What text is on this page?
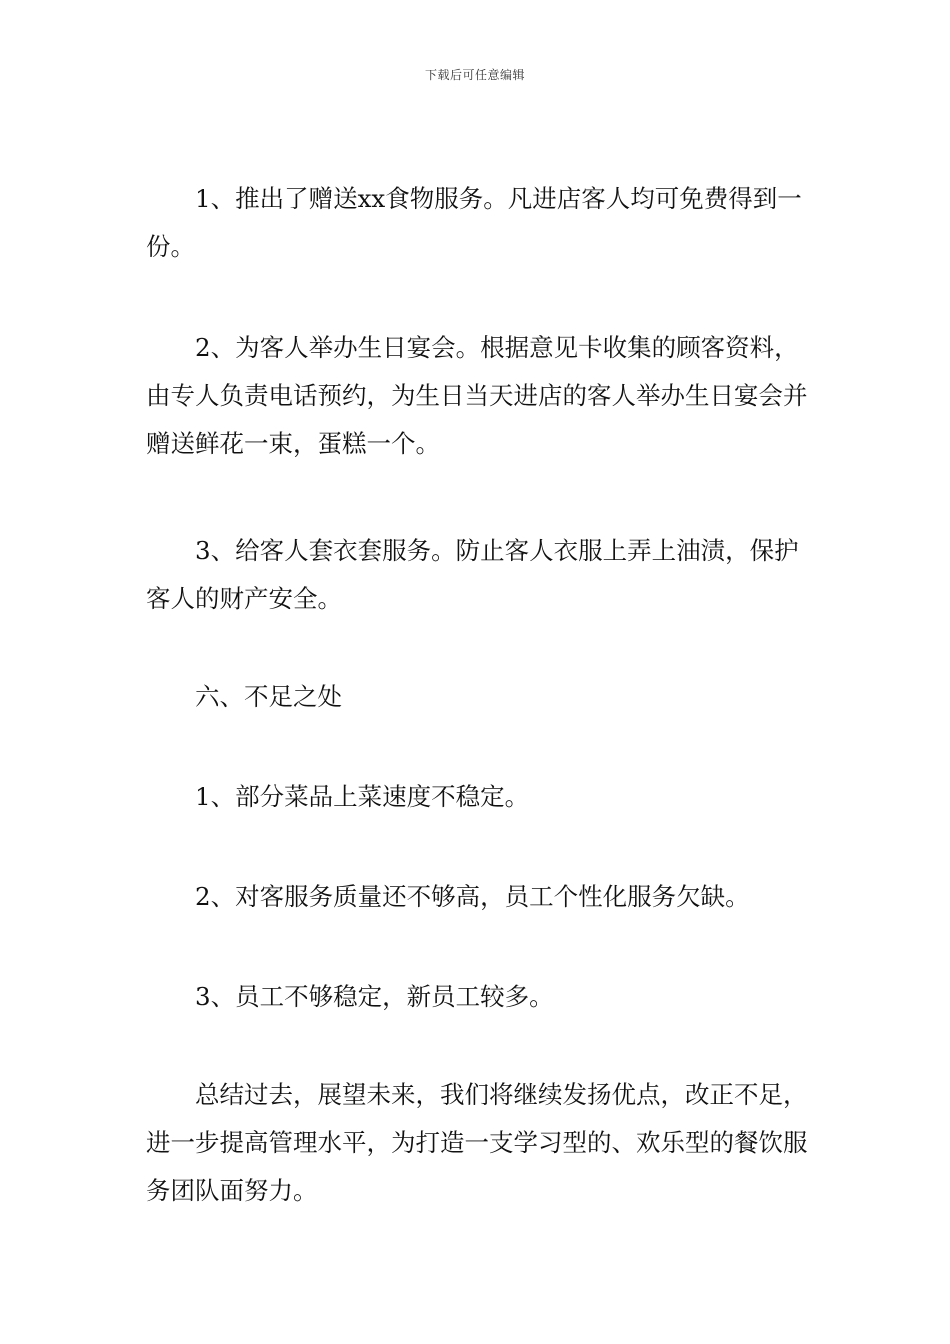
下载后可任意编辑

1、推出了赠送xx食物服务。凡进店客人均可免费得到一份。

2、为客人举办生日宴会。根据意见卡收集的顾客资料，由专人负责电话预约，为生日当天进店的客人举办生日宴会并赠送鲜花一束，蛋糕一个。

3、给客人套衣套服务。防止客人衣服上弄上油渍，保护客人的财产安全。

六、不足之处

1、部分菜品上菜速度不稳定。

2、对客服务质量还不够高，员工个性化服务欠缺。

3、员工不够稳定，新员工较多。

总结过去，展望未来，我们将继续发扬优点，改正不足，进一步提高管理水平，为打造一支学习型的、欢乐型的餐饮服务团队面努力。
